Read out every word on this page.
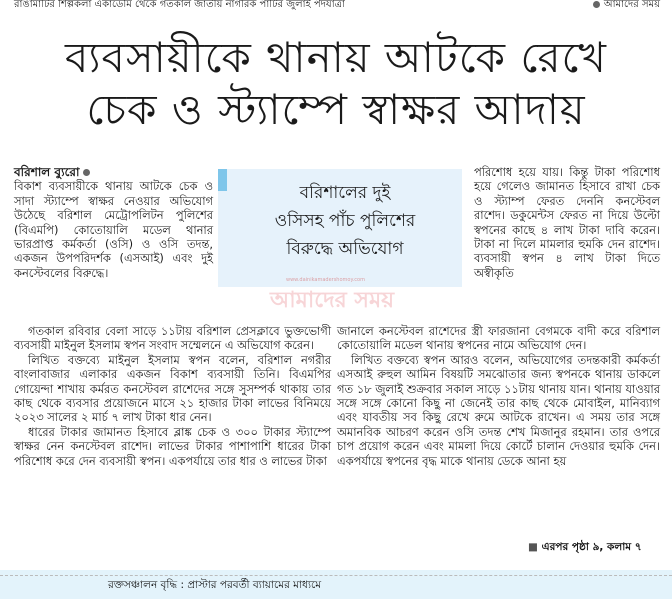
রাঙামাটির শিল্পকলা একাডেমি থেকে গতকাল জাতীয় নাগরিক পার্টির জুলাই পদযাত্রা	আমাদের সময়
ব্যবসায়ীকে থানায় আটকে রেখে
চেক ও স্ট্যাম্পে স্বাক্ষর আদায়

বরিশাল ব্যুরো

বিকাশ ব্যবসায়ীকে থানায় আটকে চেক ও সাদা স্ট্যাম্পে স্বাক্ষর নেওয়ার অভিযোগ উঠেছে বরিশাল মেট্রোপলিটন পুলিশের (বিএমপি) কোতোয়ালি মডেল থানার ভারপ্রাপ্ত কর্মকর্তা (ওসি) ও ওসি তদন্ত, একজন উপপরিদর্শক (এসআই) এবং দুই কনস্টেবলের বিরুদ্ধে।

বরিশালের দুই
ওসিসহ পাঁচ পুলিশের
বিরুদ্ধে অভিযোগ

পরিশোধ হয়ে যায়। কিন্তু টাকা পরিশোধ হয়ে গেলেও জামানত হিসাবে রাখা চেক ও স্ট্যাম্প ফেরত দেননি কনস্টেবল রাশেদ। ডকুমেন্টস ফেরত না দিয়ে উল্টো স্বপনের কাছে ৪ লাখ টাকা দাবি করেন। টাকা না দিলে মামলার হুমকি দেন রাশেদ। ব্যবসায়ী স্বপন ৪ লাখ টাকা দিতে অস্বীকৃতি

জানালে কনস্টেবল রাশেদের স্ত্রী ফারজানা বেগমকে বাদী করে বরিশাল কোতোয়ালি মডেল থানায় স্বপনের নামে অভিযোগ দেন।

লিখিত বক্তব্যে স্বপন আরও বলেন, অভিযোগের তদন্তকারী কর্মকর্তা এসআই রুহুল আমিন বিষয়টি সমঝোতার জন্য স্বপনকে থানায় ডাকলে গত ১৮ জুলাই শুক্রবার সকাল সাড়ে ১১টায় থানায় যান। থানায় যাওয়ার সঙ্গে সঙ্গে কোনো কিছু না জেনেই তার কাছ থেকে মোবাইল, মানিব্যাগ এবং যাবতীয় সব কিছু রেখে রুমে আটকে রাখেন। এ সময় তার সঙ্গে অমানবিক আচরণ করেন ওসি তদন্ত শেখ মিজানুর রহমান। তার ওপরে চাপ প্রয়োগ করেন এবং মামলা দিয়ে কোর্টে চালান দেওয়ার হুমকি দেন। একপর্যায়ে স্বপনের বৃদ্ধ মাকে থানায় ডেকে আনা হয়

গতকাল রবিবার বেলা সাড়ে ১১টায় বরিশাল প্রেসক্লাবে ভুক্তভোগী ব্যবসায়ী মাইনুল ইসলাম স্বপন সংবাদ সম্মেলনে এ অভিযোগ করেন।

লিখিত বক্তব্যে মাইনুল ইসলাম স্বপন বলেন, বরিশাল নগরীর বাংলাবাজার এলাকার একজন বিকাশ ব্যবসায়ী তিনি। বিএমপির গোয়েন্দা শাখায় কর্মরত কনস্টেবল রাশেদের সঙ্গে সুসম্পর্ক থাকায় তার কাছ থেকে ব্যবসার প্রয়োজনে মাসে ২১ হাজার টাকা লাভের বিনিময়ে ২০২৩ সালের ২ মার্চ ৭ লাখ টাকা ধার নেন।

ধারের টাকার জামানত হিসাবে ব্লাঙ্ক চেক ও ৩০০ টাকার স্ট্যাম্পে স্বাক্ষর নেন কনস্টেবল রাশেদ। লাভের টাকার পাশাপাশি ধারের টাকা পরিশোধ করে দেন ব্যবসায়ী স্বপন। একপর্যায়ে তার ধার ও লাভের টাকা

www.dainikamadershomoy.com
আমাদের সময়
■ এরপর পৃষ্ঠা ৯, কলাম ৭
রক্তসঞ্চালন বৃদ্ধি : প্রাস্টার পরবর্তী ব্যায়ামের মাধ্যমে
